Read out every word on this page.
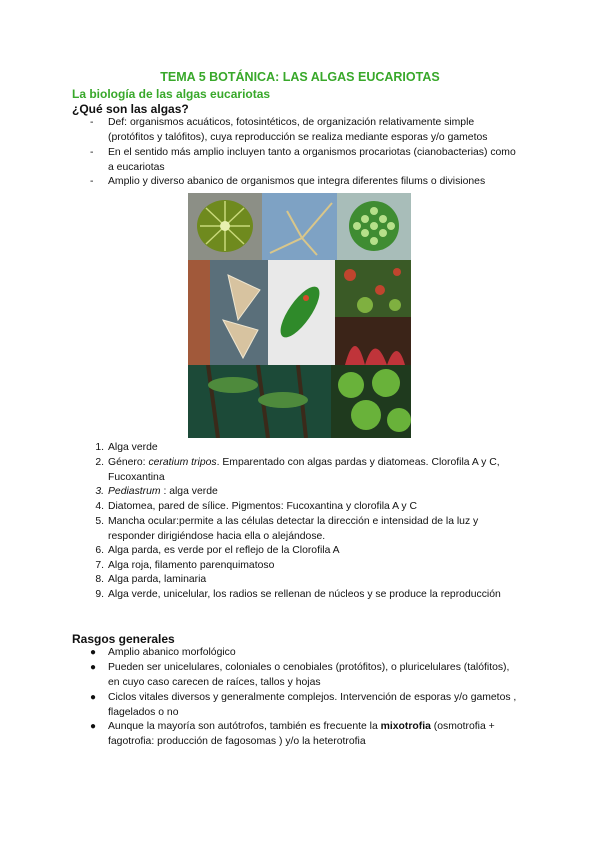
TEMA 5 BOTÁNICA: LAS ALGAS EUCARIOTAS
La biología de las algas eucariotas
¿Qué son las algas?
- Def: organismos acuáticos, fotosintéticos, de organización relativamente simple (protófitos y talófitos), cuya reproducción se realiza mediante esporas y/o gametos
- En el sentido más amplio incluyen tanto a organismos procariotas (cianobacterias) como a eucariotas
- Amplio y diverso abanico de organismos que integra diferentes filums o divisiones
1. Alga verde
2. Género: ceratium tripos. Emparentado con algas pardas y diatomeas. Clorofila A y C, Fucoxantina
3. Pediastrum : alga verde
4. Diatomea, pared de sílice. Pigmentos: Fucoxantina y clorofila A y C
5. Mancha ocular:permite a las células detectar la dirección e intensidad de la luz y responder dirigiéndose hacia ella o alejándose.
6. Alga parda, es verde por el reflejo de la Clorofila A
7. Alga roja, filamento parenquimatoso
8. Alga parda, laminaria
9. Alga verde, unicelular, los radios se rellenan de núcleos y se produce la reproducción
Rasgos generales
● Amplio abanico morfológico
● Pueden ser unicelulares, coloniales o cenobiales (protófitos), o pluricelulares (talófitos), en cuyo caso carecen de raíces, tallos y hojas
● Ciclos vitales diversos y generalmente complejos. Intervención de esporas y/o gametos , flagelados o no
● Aunque la mayoría son autótrofos, también es frecuente la mixotrofia (osmotrofia + fagotrofia: producción de fagosomas ) y/o la heterotrofia
